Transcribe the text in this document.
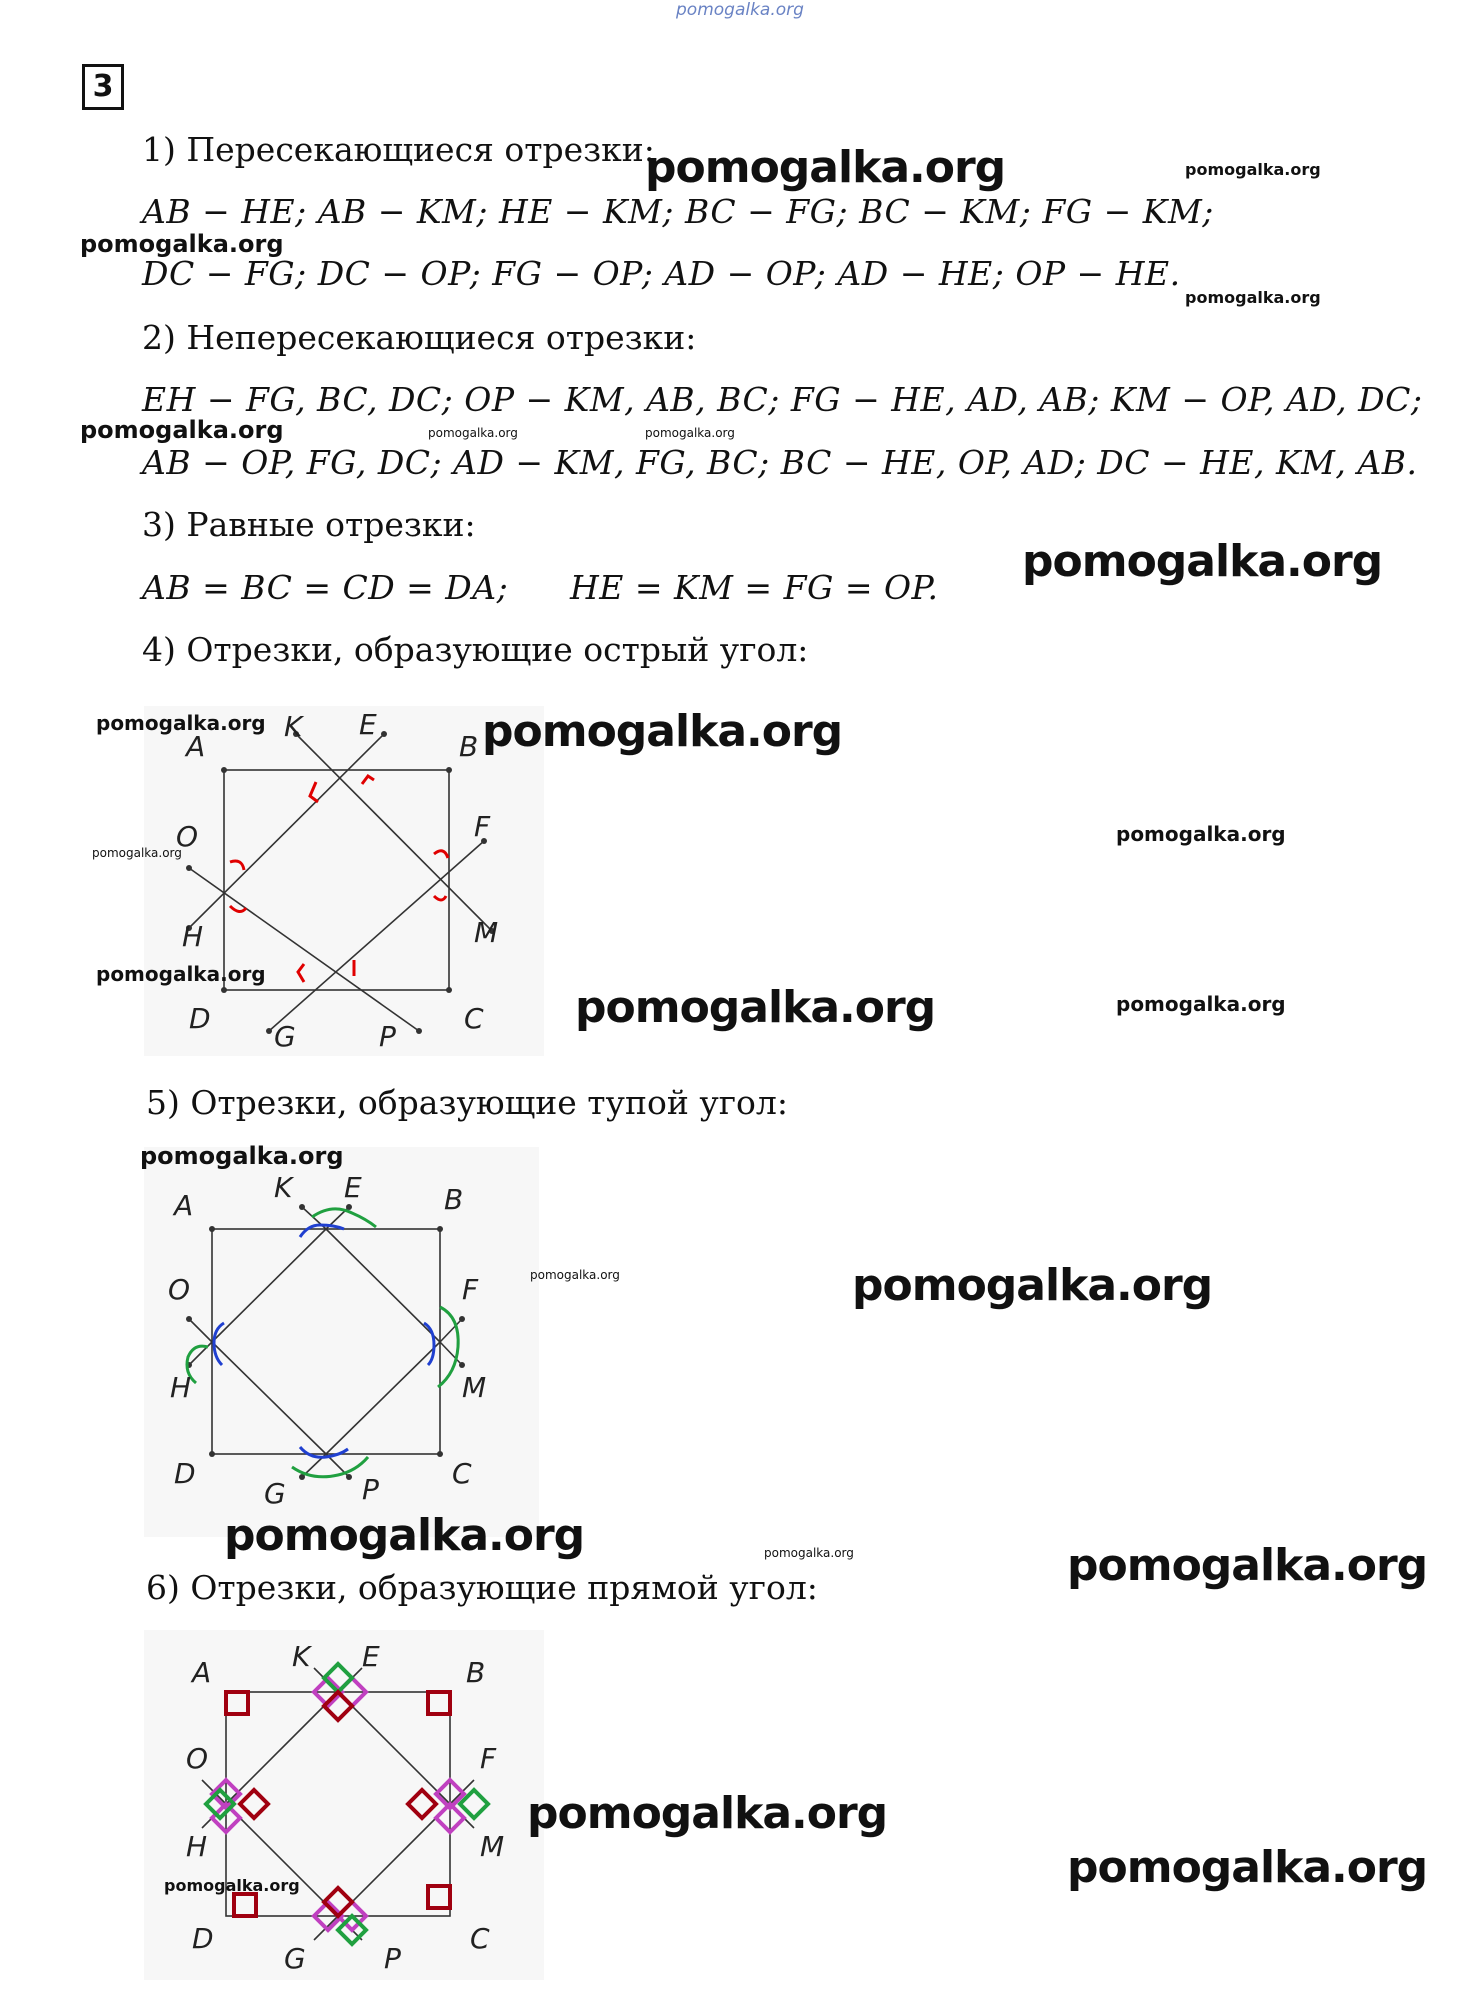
pomogalka.org
3
1) Пересекающиеся отрезки:
AB − HE; AB − KM; HE − KM; BC − FG; BC − KM; FG − KM;
DC − FG; DC − OP; FG − OP; AD − OP; AD − HE; OP − HE.
2) Непересекающиеся отрезки:
EH − FG, BC, DC; OP − KM, AB, BC; FG − HE, AD, AB; KM − OP, AD, DC;
AB − OP, FG, DC; AD − KM, FG, BC; BC − HE, OP, AD; DC − HE, KM, AB.
3) Равные отрезки:
AB = BC = CD = DA; HE = KM = FG = OP.
4) Отрезки, образующие острый угол:
A
K E
B
O	F
H	M
D
G	P
C
5) Отрезки, образующие тупой угол:
A
K E	B
O	F
H	M
D
G	P	C
6) Отрезки, образующие прямой угол:
A	K E	B
O	F
H	M
D
G	P
C
pomogalka.org	pomogalka.org
pomogalka.org
pomogalka.org
pomogalka.org	pomogalka.org	pomogalka.org
pomogalka.org
pomogalka.org	pomogalka.org
pomogalka.org
pomogalka.org
pomogalka.org
pomogalka.org	pomogalka.org
pomogalka.org
pomogalka.org	pomogalka.org
pomogalka.org	pomogalka.org	pomogalka.org
pomogalka.org
pomogalka.org
pomogalka.org
